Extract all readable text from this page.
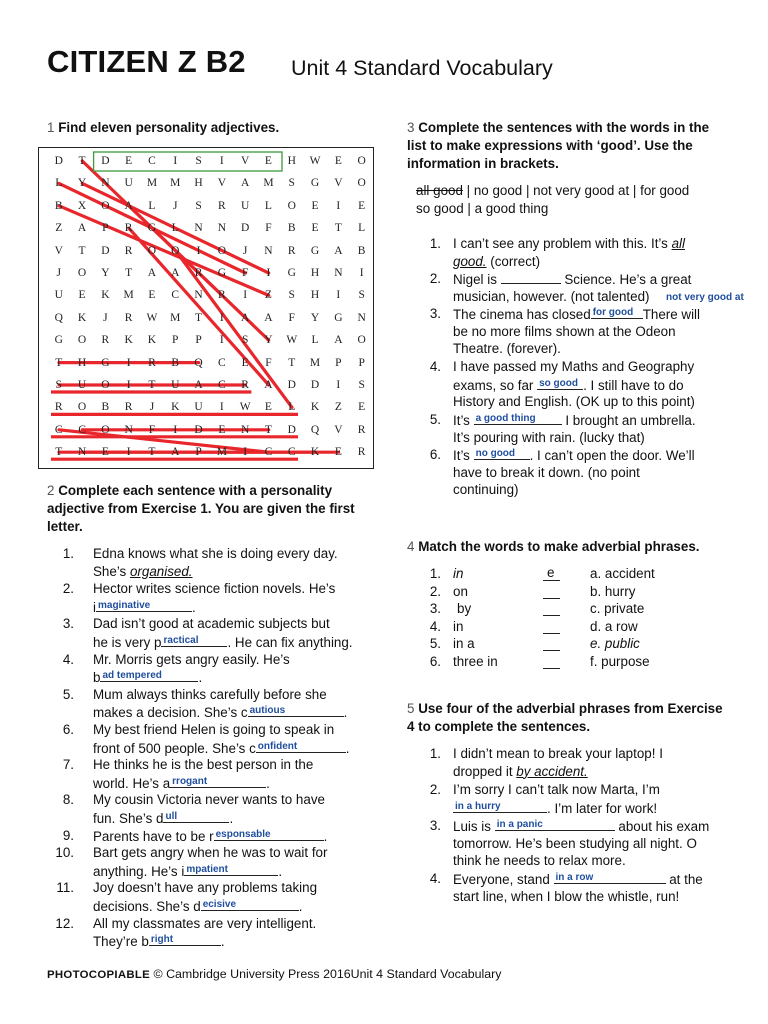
CITIZEN Z B2 Unit 4 Standard Vocabulary
1 Find eleven personality adjectives.
D	T	D	E	C	I	S	I	V	E	H	W	E	O
L	Y	N	U	M	M	H	V	A	M	S	G	V	O
B	X	O	A	L	J	S	R	U	L	O	E	I	E
Z	A	P	R	G	L	N	N	D	F	B	E	T	L
V	T	D	R	O	O	I	O	J	N	R	G	A	B
J	O	Y	T	A	A	R	G	F	I	G	H	N	I
U	E	K	M	E	C	N	R	I	Z	S	H	I	S
Q	K	J	R	W	M	T	I	A	A	F	Y	G	N
G	O	R	K	K	P	P	I	S	Y	W	L	A	O
T	H	G	I	R	B	Q	C	E	F	T	M	P	P
S	U	O	I	T	U	A	C	R	A	D	D	I	S
R	O	B	R	J	K	U	I	W	E	L	K	Z	E
C	C	O	N	F	I	D	E	N	T	D	Q	V	R
T	N	E	I	T	A	P	M	I	C	C	K	E	R
2 Complete each sentence with a personality adjective from Exercise 1. You are given the first letter.
1. Edna knows what she is doing every day.
She’s organised.
2. Hector writes science fiction novels. He’s
i maginative	.
3. Dad isn’t good at academic subjects but
he is very p ractical . He can fix anything.
4. Mr. Morris gets angry easily. He’s
b ad tempered	.
5. Mum always thinks carefully before she
makes a decision. She’s c autious	.
6. My best friend Helen is going to speak in
front of 500 people. She’s c onfident	.
7. He thinks he is the best person in the
world. He’s a rrogant	.
8. My cousin Victoria never wants to have
fun. She’s d ull	.
9. Parents have to be r esponsable	.
10. Bart gets angry when he was to wait for
anything. He’s i mpatient	.
11. Joy doesn’t have any problems taking
decisions. She’s d ecisive	.
12. All my classmates are very intelligent.
They’re b right	.
3 Complete the sentences with the words in the list to make expressions with ‘good’. Use the information in brackets.
all good | no good | not very good at | for good
so good | a good thing
1. I can’t see any problem with this. It’s all
good. (correct)
2. Nigel is	Science. He’s a great
musician, however. (not talented) not very good at
3. The cinema has closed for good There will
be no more films shown at the Odeon
Theatre. (forever).
4. I have passed my Maths and Geography
exams, so far so good . I still have to do
History and English. (OK up to this point)
5. It’s a good thing I brought an umbrella.
It’s pouring with rain. (lucky that)
6. It’s no good . I can’t open the door. We’ll
have to break it down. (no point
continuing)
4 Match the words to make adverbial phrases.
1. in	e	a. accident
2. on	b. hurry
3. by	c. private
4. in	d. a row
5. in a	e. public
6. three in	f. purpose
5 Use four of the adverbial phrases from Exercise 4 to complete the sentences.
1. I didn’t mean to break your laptop! I
dropped it by accident.
2. I’m sorry I can’t talk now Marta, I’m
in a hurry	. I’m later for work!
3. Luis is in a panic	about his exam
tomorrow. He’s been studying all night. O
think he needs to relax more.
4. Everyone, stand in a row	at the
start line, when I blow the whistle, run!
PHOTOCOPIABLE © Cambridge University Press 2016Unit 4 Standard Vocabulary
